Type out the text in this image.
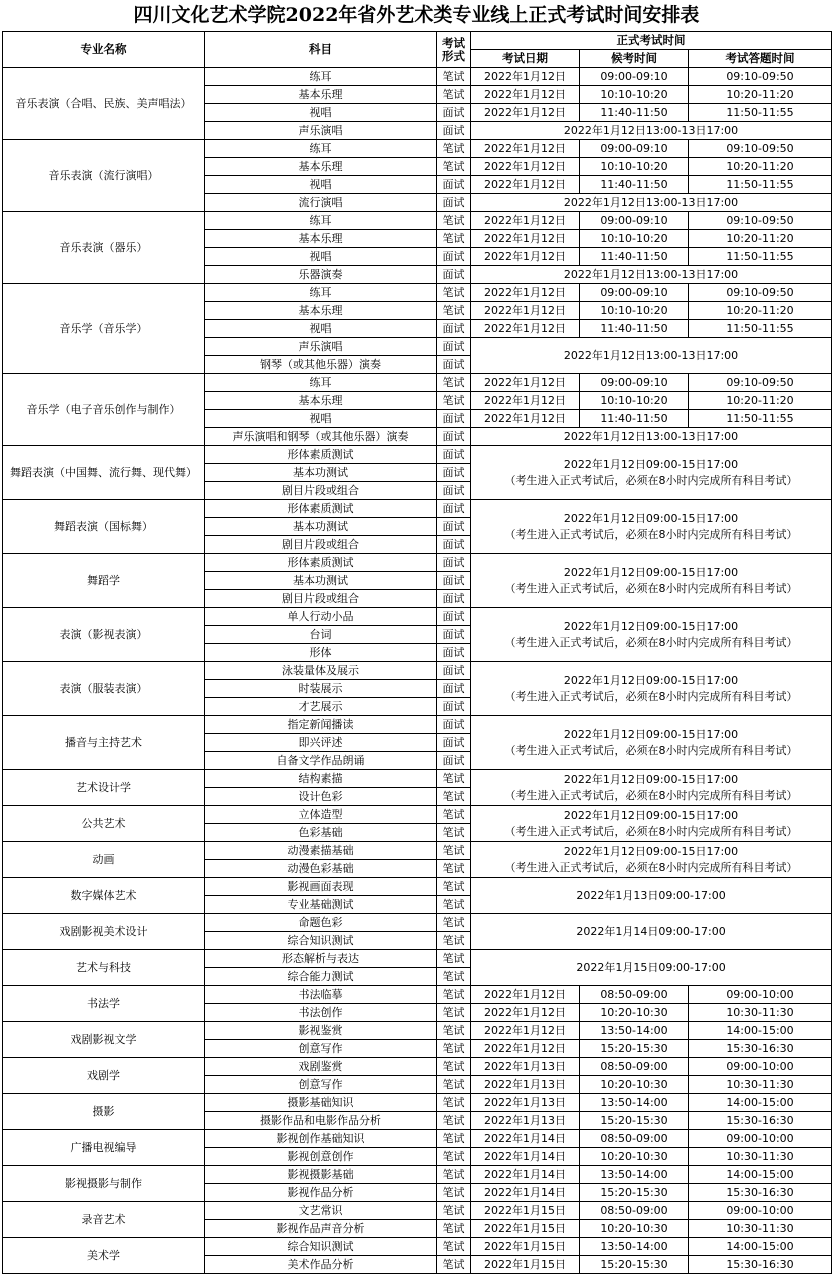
四川文化艺术学院2022年省外艺术类专业线上正式考试时间安排表
专业名称	科目	考试形式	正式考试时间		
			考试日期	候考时间	考试答题时间
音乐表演（合唱、民族、美声唱法）	练耳	笔试	2022年1月12日	09:00-09:10	09:10-09:50
	基本乐理	笔试	2022年1月12日	10:10-10:20	10:20-11:20
	视唱	面试	2022年1月12日	11:40-11:50	11:50-11:55
	声乐演唱	面试	2022年1月12日13:00-13日17:00		

音乐表演（流行演唱）	练耳	笔试	2022年1月12日	09:00-09:10	09:10-09:50
	基本乐理	笔试	2022年1月12日	10:10-10:20	10:20-11:20
	视唱	面试	2022年1月12日	11:40-11:50	11:50-11:55
	流行演唱	面试	2022年1月12日13:00-13日17:00		

音乐表演（器乐）	练耳	笔试	2022年1月12日	09:00-09:10	09:10-09:50
	基本乐理	笔试	2022年1月12日	10:10-10:20	10:20-11:20
	视唱	面试	2022年1月12日	11:40-11:50	11:50-11:55
	乐器演奏	面试	2022年1月12日13:00-13日17:00		

音乐学（音乐学）	练耳	笔试	2022年1月12日	09:00-09:10	09:10-09:50
	基本乐理	笔试	2022年1月12日	10:10-10:20	10:20-11:20
	视唱	面试	2022年1月12日	11:40-11:50	11:50-11:55
	声乐演唱	面试	2022年1月12日13:00-13日17:00		

	钢琴（或其他乐器）演奏	面试			
音乐学（电子音乐创作与制作）	练耳	笔试	2022年1月12日	09:00-09:10	09:10-09:50
	基本乐理	笔试	2022年1月12日	10:10-10:20	10:20-11:20
	视唱	面试	2022年1月12日	11:40-11:50	11:50-11:55
	声乐演唱和钢琴（或其他乐器）演奏	面试	2022年1月12日13:00-13日17:00		

舞蹈表演（中国舞、流行舞、现代舞）	形体素质测试	面试	2022年1月12日09:00-15日17:00
（考生进入正式考试后，必须在8小时内完成所有科目考试）		

	基本功测试	面试			
	剧目片段或组合	面试			
舞蹈表演（国标舞）	形体素质测试	面试	2022年1月12日09:00-15日17:00
（考生进入正式考试后，必须在8小时内完成所有科目考试）		

	基本功测试	面试			
	剧目片段或组合	面试			
舞蹈学	形体素质测试	面试	2022年1月12日09:00-15日17:00
（考生进入正式考试后，必须在8小时内完成所有科目考试）		

	基本功测试	面试			
	剧目片段或组合	面试			
表演（影视表演）	单人行动小品	面试	2022年1月12日09:00-15日17:00
（考生进入正式考试后，必须在8小时内完成所有科目考试）		

	台词	面试			
	形体	面试			
表演（服装表演）	泳装量体及展示	面试	2022年1月12日09:00-15日17:00
（考生进入正式考试后，必须在8小时内完成所有科目考试）		

	时装展示	面试			
	才艺展示	面试			
播音与主持艺术	指定新闻播读	面试	2022年1月12日09:00-15日17:00
（考生进入正式考试后，必须在8小时内完成所有科目考试）		

	即兴评述	面试			
	自备文学作品朗诵	面试			
艺术设计学	结构素描	笔试	2022年1月12日09:00-15日17:00
（考生进入正式考试后，必须在8小时内完成所有科目考试）		

	设计色彩	笔试			
公共艺术	立体造型	笔试	2022年1月12日09:00-15日17:00
（考生进入正式考试后，必须在8小时内完成所有科目考试）		

	色彩基础	笔试			
动画	动漫素描基础	笔试	2022年1月12日09:00-15日17:00
（考生进入正式考试后，必须在8小时内完成所有科目考试）		

	动漫色彩基础	笔试			
数字媒体艺术	影视画面表现	笔试	2022年1月13日09:00-17:00		

	专业基础测试	笔试			
戏剧影视美术设计	命题色彩	笔试	2022年1月14日09:00-17:00		

	综合知识测试	笔试			
艺术与科技	形态解析与表达	笔试	2022年1月15日09:00-17:00		

	综合能力测试	笔试			
书法学	书法临摹	笔试	2022年1月12日	08:50-09:00	09:00-10:00
	书法创作	笔试	2022年1月12日	10:20-10:30	10:30-11:30
戏剧影视文学	影视鉴赏	笔试	2022年1月12日	13:50-14:00	14:00-15:00
	创意写作	笔试	2022年1月12日	15:20-15:30	15:30-16:30
戏剧学	戏剧鉴赏	笔试	2022年1月13日	08:50-09:00	09:00-10:00
	创意写作	笔试	2022年1月13日	10:20-10:30	10:30-11:30
摄影	摄影基础知识	笔试	2022年1月13日	13:50-14:00	14:00-15:00
	摄影作品和电影作品分析	笔试	2022年1月13日	15:20-15:30	15:30-16:30
广播电视编导	影视创作基础知识	笔试	2022年1月14日	08:50-09:00	09:00-10:00
	影视创意创作	笔试	2022年1月14日	10:20-10:30	10:30-11:30
影视摄影与制作	影视摄影基础	笔试	2022年1月14日	13:50-14:00	14:00-15:00
	影视作品分析	笔试	2022年1月14日	15:20-15:30	15:30-16:30
录音艺术	文艺常识	笔试	2022年1月15日	08:50-09:00	09:00-10:00
	影视作品声音分析	笔试	2022年1月15日	10:20-10:30	10:30-11:30
美术学	综合知识测试	笔试	2022年1月15日	13:50-14:00	14:00-15:00
	美术作品分析	笔试	2022年1月15日	15:20-15:30	15:30-16:30
